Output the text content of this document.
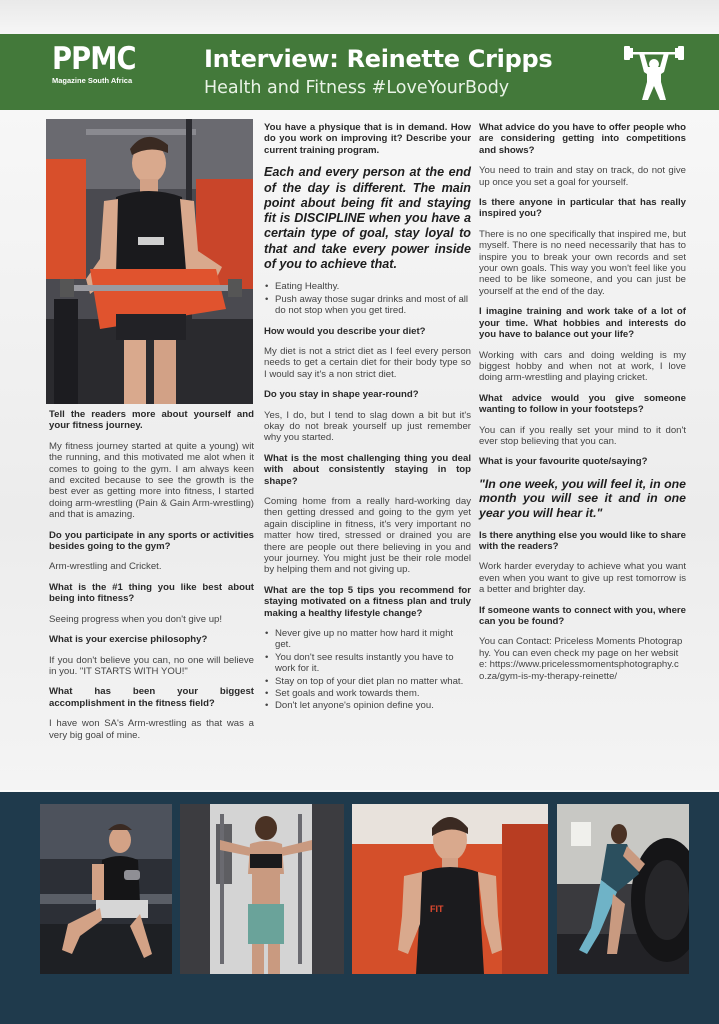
PPMC
Magazine South Africa
Interview: Reinette Cripps
Health and Fitness #LoveYourBody

Tell the readers more about yourself and your fitness journey.

My fitness journey started at quite a young) wit the running, and this motivated me alot when it comes to going to the gym. I am always keen and excited because to see the growth is the best ever as getting more into fitness, I started doing arm-wrestling (Pain & Gain Arm-wrestling) and that is amazing.

Do you participate in any sports or activities besides going to the gym?

Arm-wrestling and Cricket.

What is the #1 thing you like best about being into fitness?

Seeing progress when you don't give up!

What is your exercise philosophy?

If you don't believe you can, no one will believe in you. "IT STARTS WITH YOU!"

What has been your biggest accomplishment in the fitness field?

I have won SA's Arm-wrestling as that was a very big goal of mine.

You have a physique that is in demand. How do you work on improving it? Describe your current training program.

Each and every person at the end of the day is different. The main point about being fit and staying fit is DISCIPLINE when you have a certain type of goal, stay loyal to that and take every power inside of you to achieve that.

• Eating Healthy.
• Push away those sugar drinks and most of all do not stop when you get tired.

How would you describe your diet?

My diet is not a strict diet as I feel every person needs to get a certain diet for their body type so I would say it's a non strict diet.

Do you stay in shape year-round?

Yes, I do, but I tend to slag down a bit but it's okay do not break yourself up just remember why you started.

What is the most challenging thing you deal with about consistently staying in top shape?

Coming home from a really hard-working day then getting dressed and going to the gym yet again discipline in fitness, it's very important no matter how tired, stressed or drained you are there are people out there believing in you and your journey. You might just be their role model by helping them and not giving up.

What are the top 5 tips you recommend for staying motivated on a fitness plan and truly making a healthy lifestyle change?

• Never give up no matter how hard it might get.
• You don't see results instantly you have to work for it.
• Stay on top of your diet plan no matter what.
• Set goals and work towards them.
• Don't let anyone's opinion define you.

What advice do you have to offer people who are considering getting into competitions and shows?

You need to train and stay on track, do not give up once you set a goal for yourself.

Is there anyone in particular that has really inspired you?

There is no one specifically that inspired me, but myself. There is no need necessarily that has to inspire you to break your own records and set your own goals. This way you won't feel like you need to be like someone, and you can just be yourself at the end of the day.

I imagine training and work take of a lot of your time. What hobbies and interests do you have to balance out your life?

Working with cars and doing welding is my biggest hobby and when not at work, I love doing arm-wrestling and playing cricket.

What advice would you give someone wanting to follow in your footsteps?

You can if you really set your mind to it don't ever stop believing that you can.

What is your favourite quote/saying?

"In one week, you will feel it, in one month you will see it and in one year you will hear it."

Is there anything else you would like to share with the readers?

Work harder everyday to achieve what you want even when you want to give up rest tomorrow is a better and brighter day.

If someone wants to connect with you, where can you be found?

You can Contact: Priceless Moments Photography. You can even check my page on her website: https://www.pricelessmomentsphotography.co.za/gym-is-my-therapy-reinette/

FIT
